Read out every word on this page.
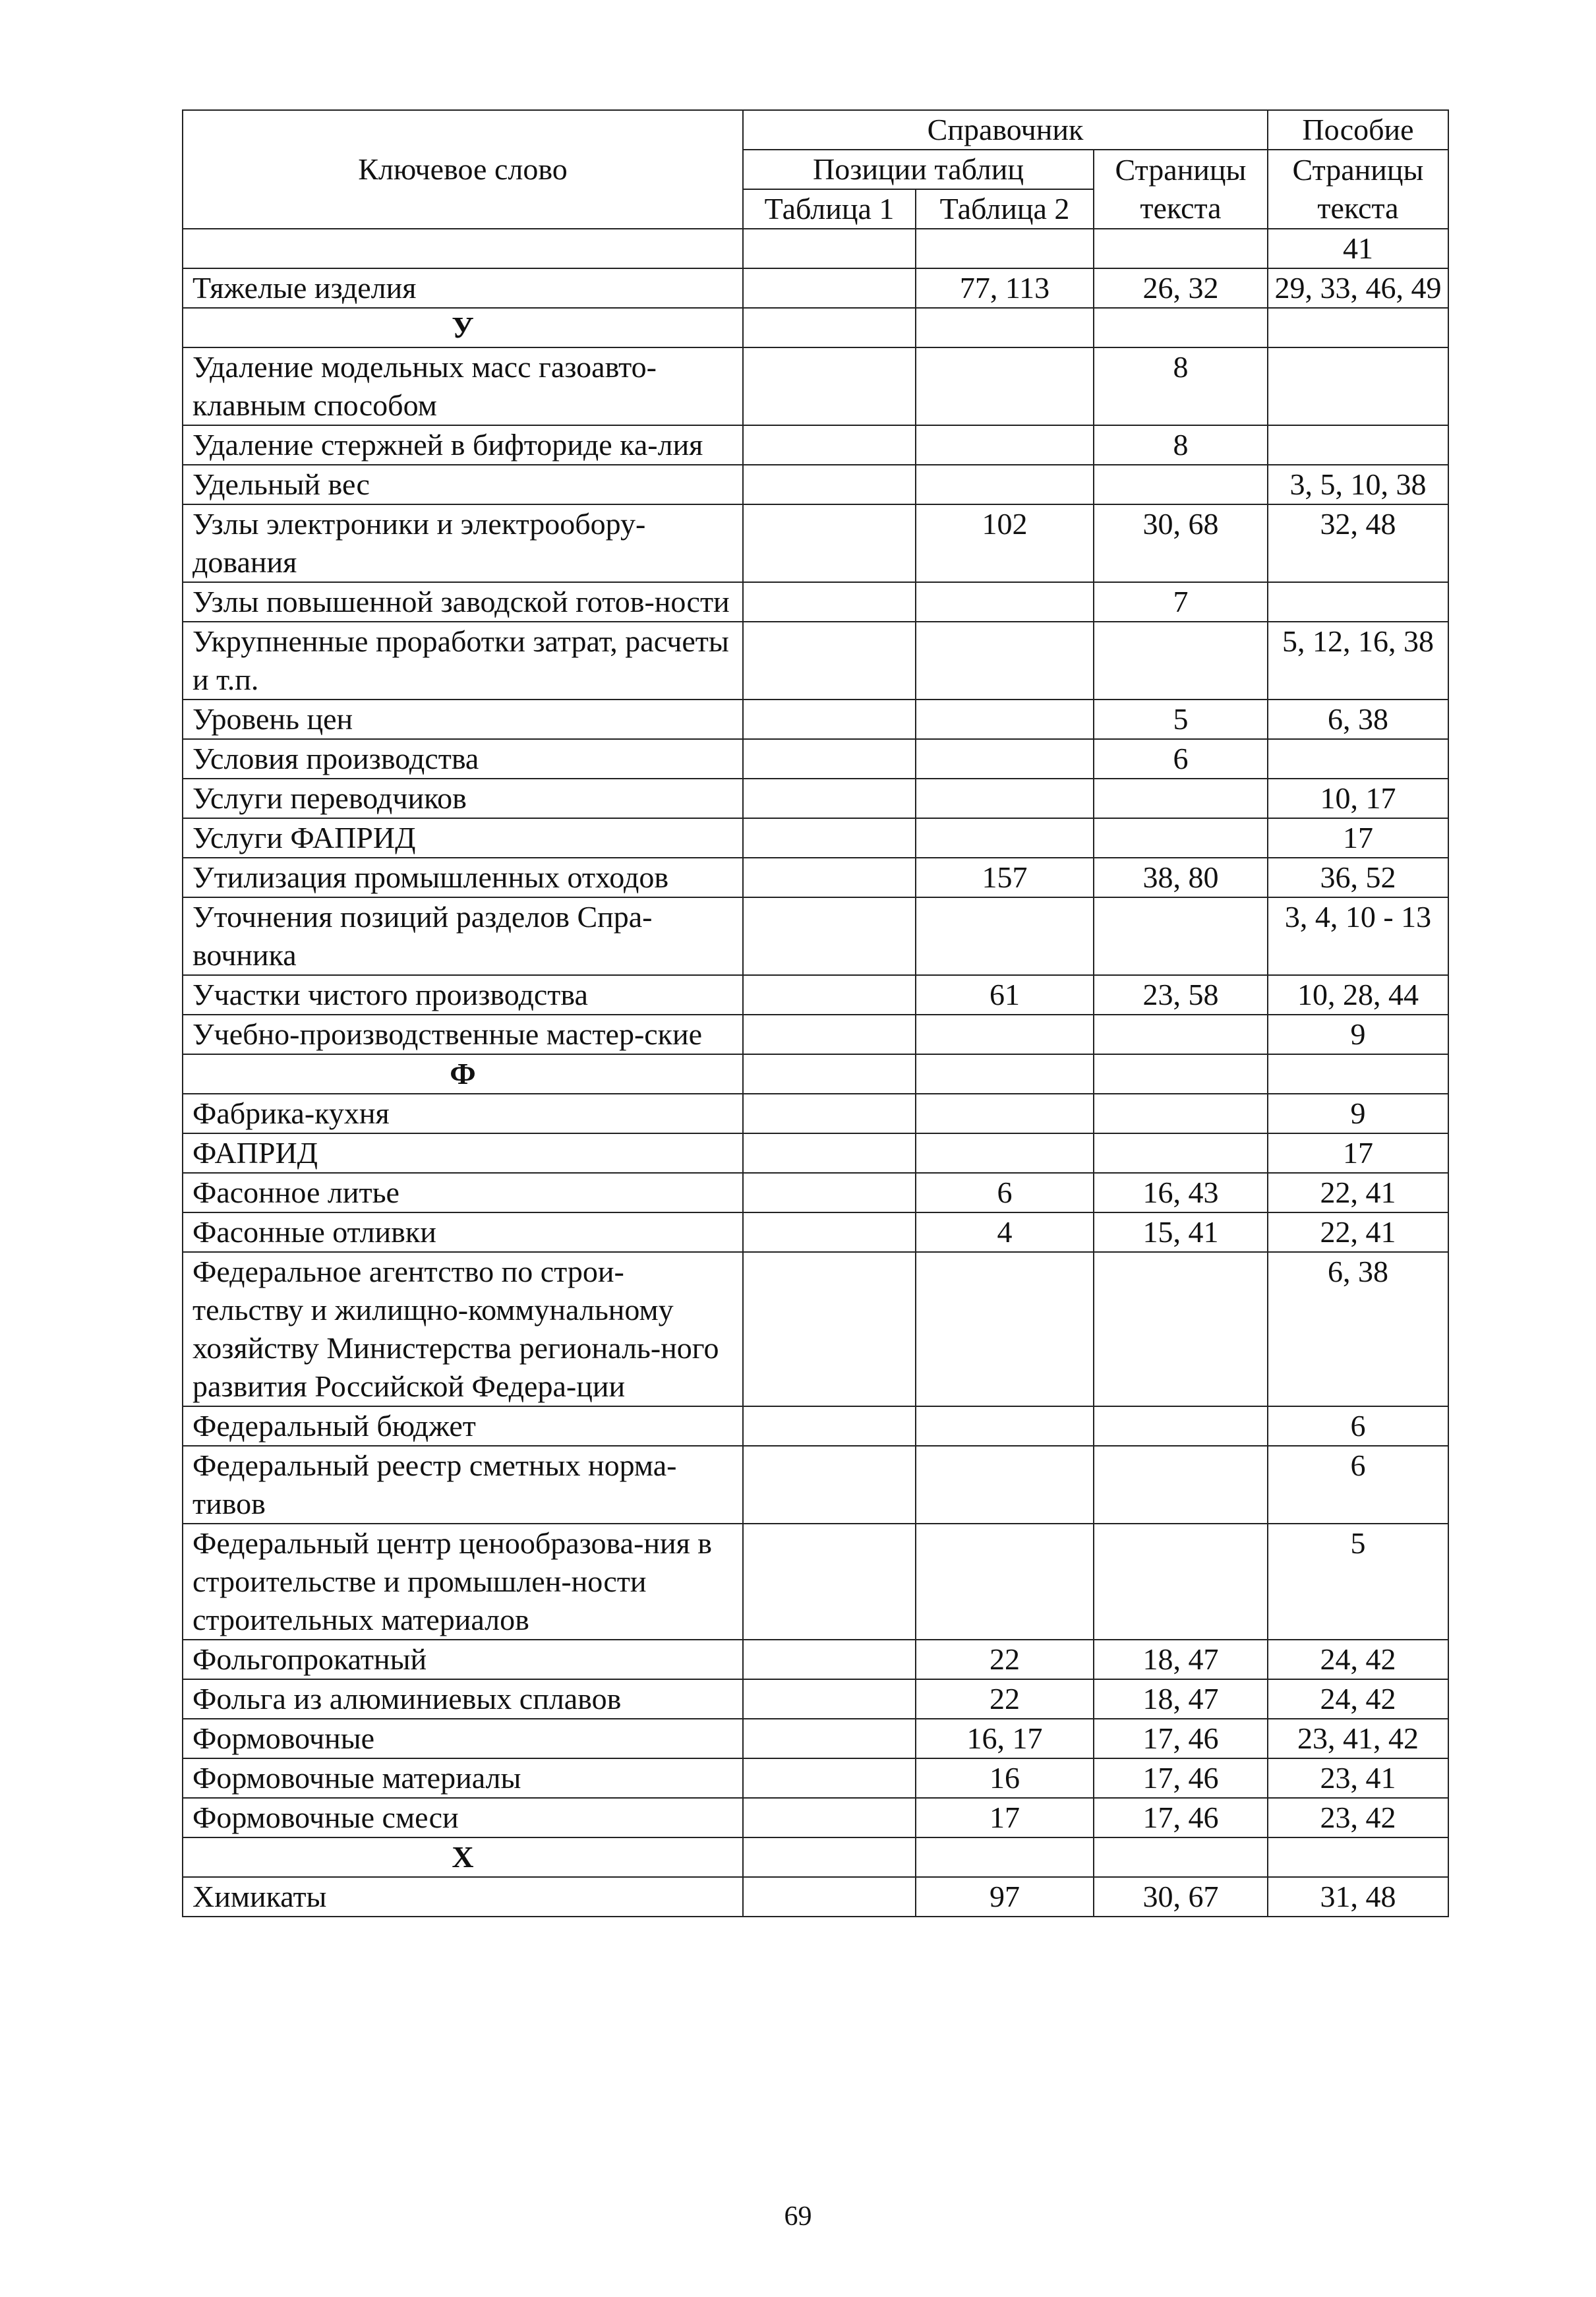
Ключевое слово	Справочник			Пособие
	Позиции таблиц		Страницы текста	Страницы текста
	Таблица 1	Таблица 2		
				41
Тяжелые изделия		77, 113	26, 32	29, 33, 46, 49
У				
Удаление модельных масс газоавто-клавным способом			8	
Удаление стержней в бифториде ка-лия			8	
Удельный вес				3, 5, 10, 38
Узлы электроники и электрообору-дования		102	30, 68	32, 48
Узлы повышенной заводской готов-ности			7	
Укрупненные проработки затрат, расчеты и т.п.				5, 12, 16, 38
Уровень цен			5	6, 38
Условия производства			6	
Услуги переводчиков				10, 17
Услуги ФАПРИД				17
Утилизация промышленных отходов		157	38, 80	36, 52
Уточнения позиций разделов Спра-вочника				3, 4, 10 - 13
Участки чистого производства		61	23, 58	10, 28, 44
Учебно-производственные мастер-ские				9
Ф				
Фабрика-кухня				9
ФАПРИД				17
Фасонное литье		6	16, 43	22, 41
Фасонные отливки		4	15, 41	22, 41
Федеральное агентство по строи-тельству и жилищно-коммунальному хозяйству Министерства региональ-ного развития Российской Федера-ции				6, 38
Федеральный бюджет				6
Федеральный реестр сметных норма-тивов				6
Федеральный центр ценообразова-ния в строительстве и промышлен-ности строительных материалов				5
Фольгопрокатный		22	18, 47	24, 42
Фольга из алюминиевых сплавов		22	18, 47	24, 42
Формовочные		16, 17	17, 46	23, 41, 42
Формовочные материалы		16	17, 46	23, 41
Формовочные смеси		17	17, 46	23, 42
Х				
Химикаты		97	30, 67	31, 48
69
